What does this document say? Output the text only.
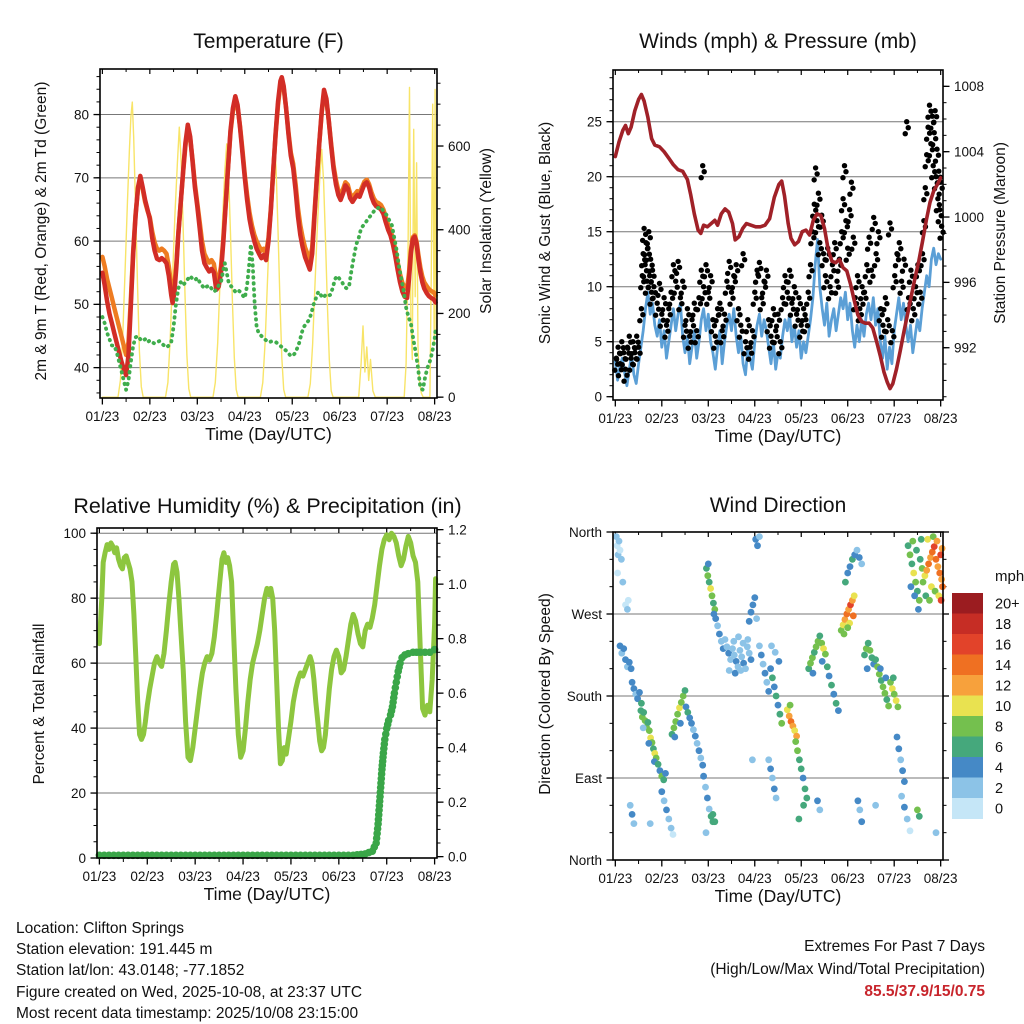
Temperature (F)
2m & 9m T (Red, Orange) & 2m Td (Green)	Solar Insolation (Yellow)
Time (Day/UTC)
01/23 02/23 03/23 04/23 05/23 06/23 07/23 08/23
40
50
60
70
80
0
200
400
600
Winds (mph) & Pressure (mb)
Sonic Wind & Gust (Blue, Black)	Station Pressure (Maroon)
Time (Day/UTC)
01/23 02/23 03/23 04/23 05/23 06/23 07/23 08/23
0
5
10
15
20
25
992
996
1000
1004
1008
Relative Humidity (%) & Precipitation (in)
Percent & Total Rainfall
Time (Day/UTC)
01/23 02/23 03/23 04/23 05/23 06/23 07/23 08/23
0
20
40
60
80
100
0.0
0.2
0.4
0.6
0.8
1.0
1.2
Wind Direction
Direction (Colored By Speed)
Time (Day/UTC)
01/23 02/23 03/23 04/23 05/23 06/23 07/23 08/23
North
West
South
East
North
20+
18
16
14
12
10
8
6
4
2
0
mph
Location: Clifton Springs
Station elevation: 191.445 m
Station lat/lon: 43.0148; -77.1852
Figure created on Wed, 2025-10-08, at 23:37 UTC
Most recent data timestamp: 2025/10/08 23:15:00
Extremes For Past 7 Days
(High/Low/Max Wind/Total Precipitation)
85.5/37.9/15/0.75
